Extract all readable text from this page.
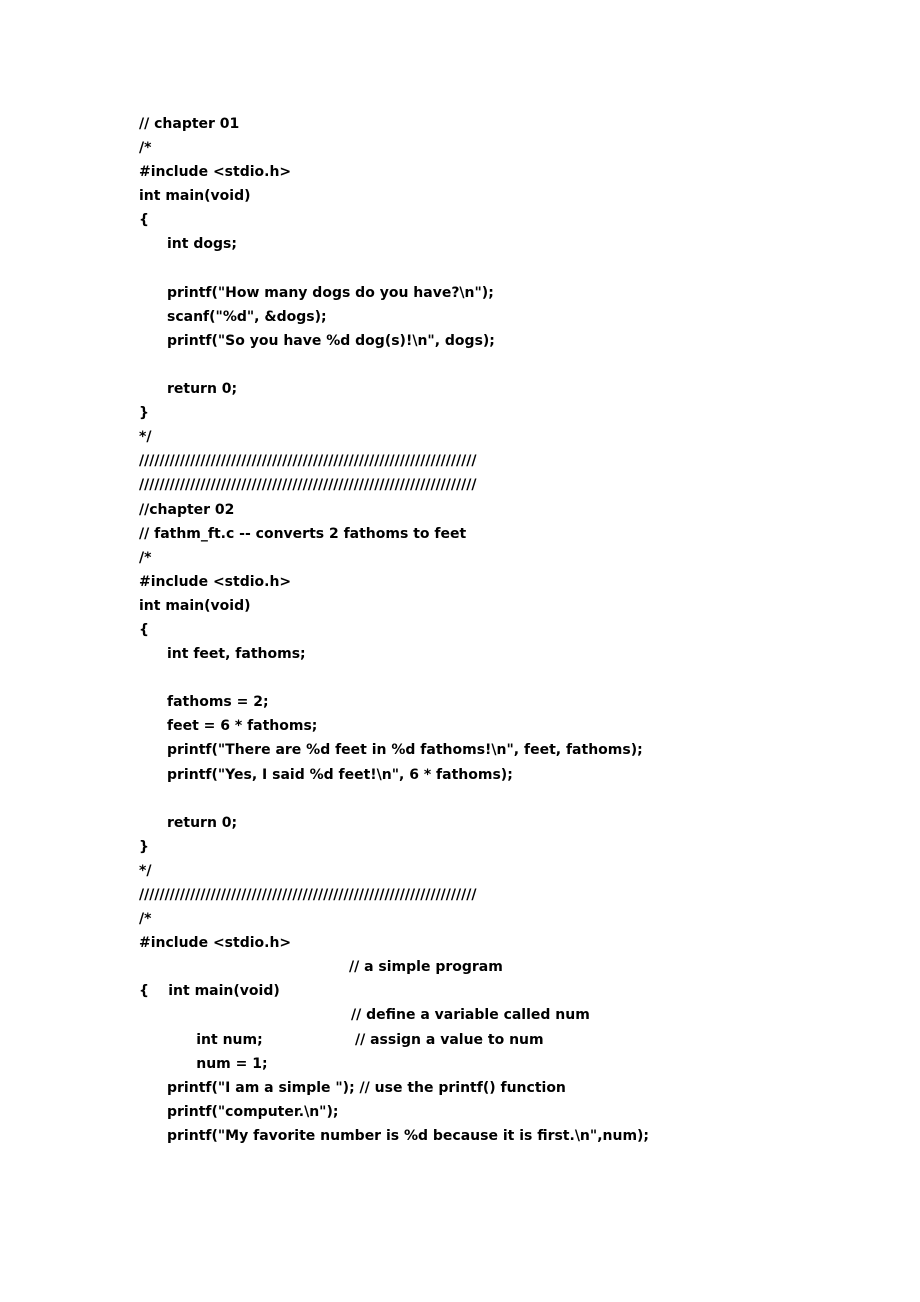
// chapter 01
/*
#include <stdio.h>
int main(void)
{
int dogs;
printf("How many dogs do you have?\n");
scanf("%d", &dogs);
printf("So you have %d dog(s)!\n", dogs);
return 0;
}
*/
//////////////////////////////////////////////////////////////////
//////////////////////////////////////////////////////////////////
//chapter 02
// fathm_ft.c -- converts 2 fathoms to feet
/*
#include <stdio.h>
int main(void)
{
int feet, fathoms;
fathoms = 2;
feet = 6 * fathoms;
printf("There are %d feet in %d fathoms!\n", feet, fathoms);
printf("Yes, I said %d feet!\n", 6 * fathoms);
return 0;
}
*/
//////////////////////////////////////////////////////////////////
/*
#include <stdio.h>

int main(void)
// a simple program

{

int num;
// define a variable called num

num = 1;
// assign a value to num

printf("I am a simple "); // use the printf() function
printf("computer.\n");
printf("My favorite number is %d because it is first.\n",num);
